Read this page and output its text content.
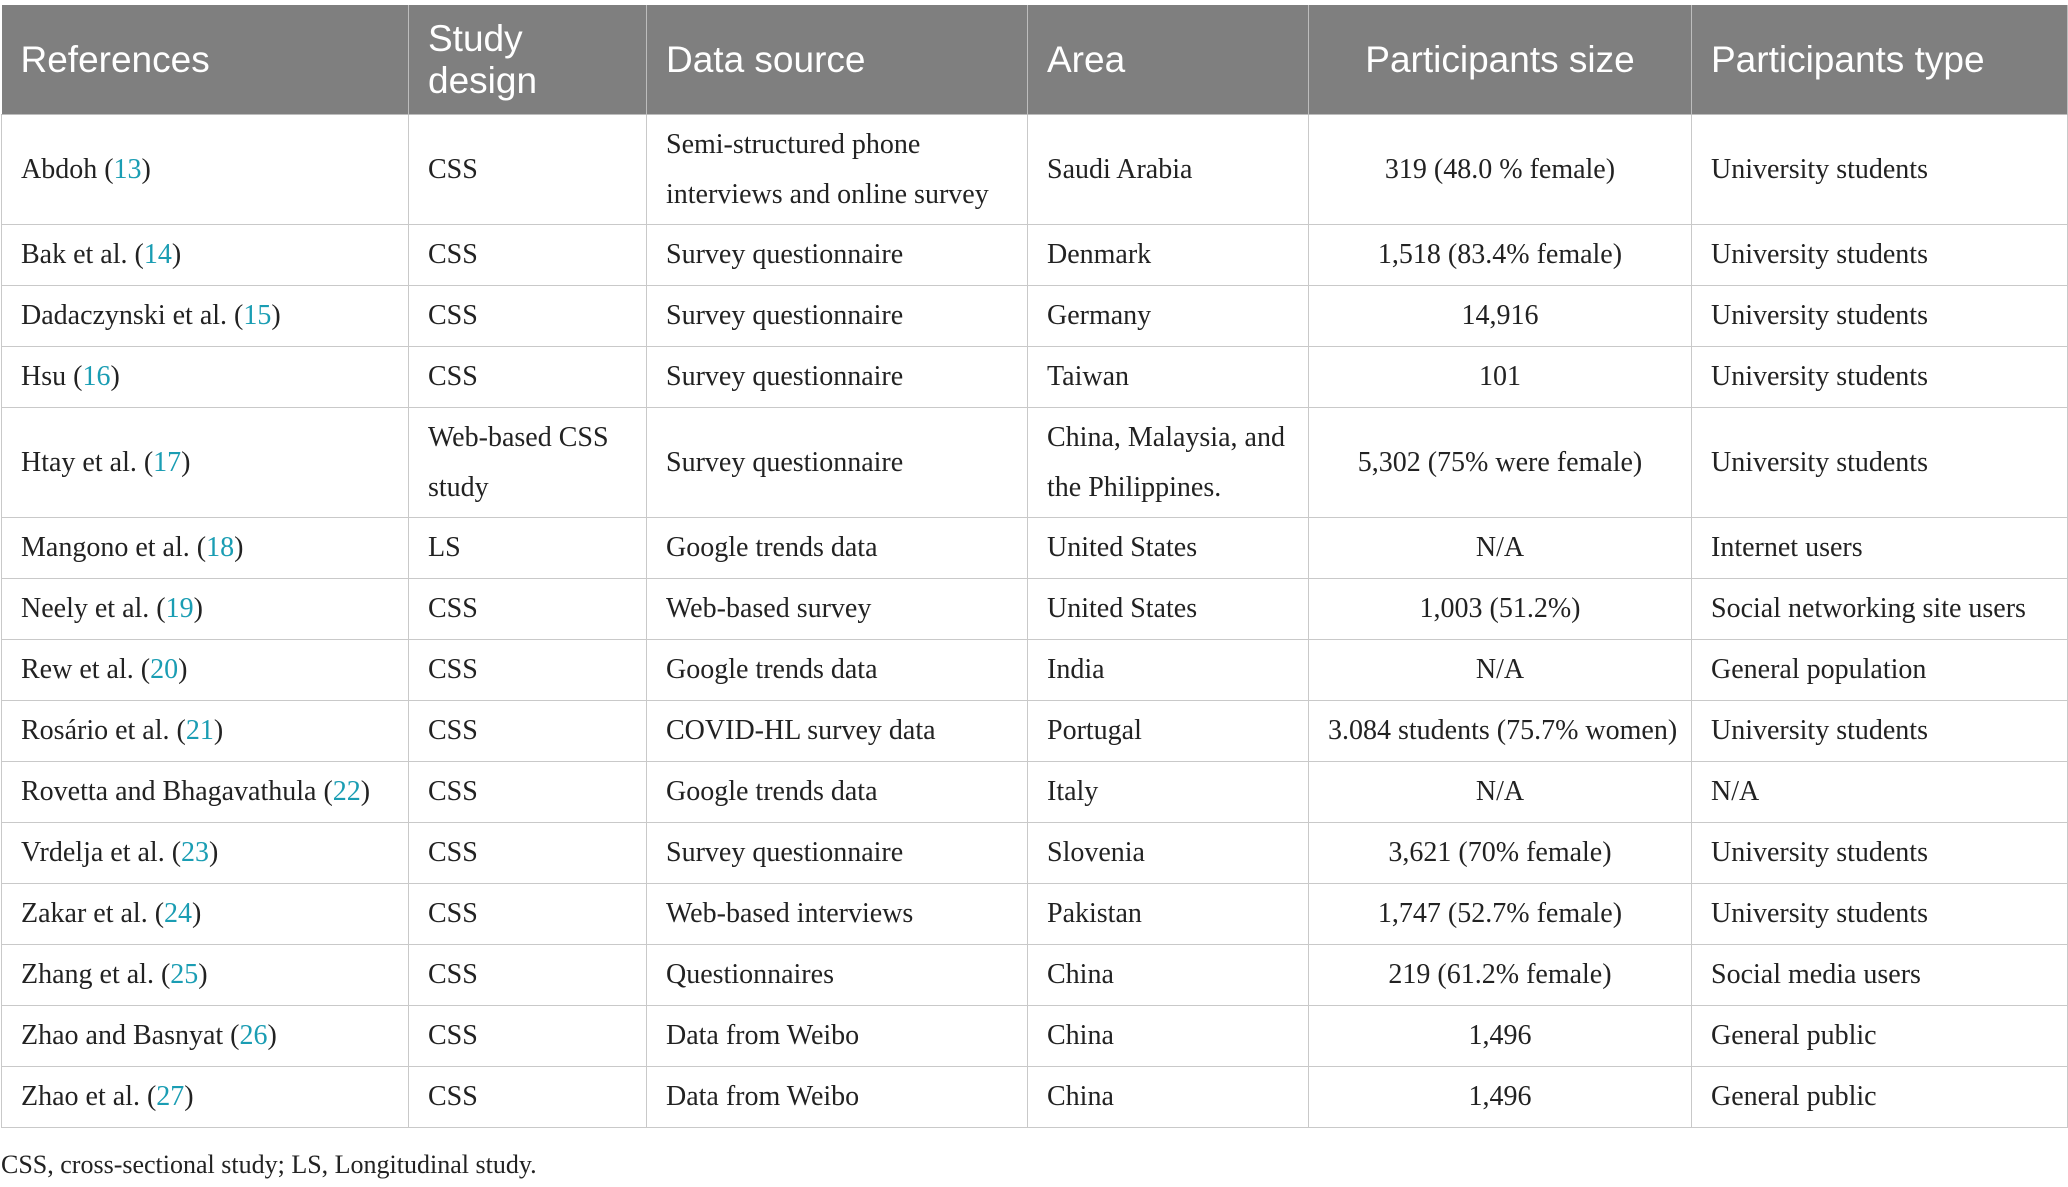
References	Study design	Data source	Area	Participants size	Participants type
Abdoh (13)	CSS	Semi-structured phone interviews and online survey	Saudi Arabia	319 (48.0 % female)	University students
Bak et al. (14)	CSS	Survey questionnaire	Denmark	1,518 (83.4% female)	University students
Dadaczynski et al. (15)	CSS	Survey questionnaire	Germany	14,916	University students
Hsu (16)	CSS	Survey questionnaire	Taiwan	101	University students
Htay et al. (17)	Web-based CSS study	Survey questionnaire	China, Malaysia, and the Philippines.	5,302 (75% were female)	University students
Mangono et al. (18)	LS	Google trends data	United States	N/A	Internet users
Neely et al. (19)	CSS	Web-based survey	United States	1,003 (51.2%)	Social networking site users
Rew et al. (20)	CSS	Google trends data	India	N/A	General population
Rosário et al. (21)	CSS	COVID-HL survey data	Portugal	3.084 students (75.7% women)	University students
Rovetta and Bhagavathula (22)	CSS	Google trends data	Italy	N/A	N/A
Vrdelja et al. (23)	CSS	Survey questionnaire	Slovenia	3,621 (70% female)	University students
Zakar et al. (24)	CSS	Web-based interviews	Pakistan	1,747 (52.7% female)	University students
Zhang et al. (25)	CSS	Questionnaires	China	219 (61.2% female)	Social media users
Zhao and Basnyat (26)	CSS	Data from Weibo	China	1,496	General public
Zhao et al. (27)	CSS	Data from Weibo	China	1,496	General public
CSS, cross-sectional study; LS, Longitudinal study.
